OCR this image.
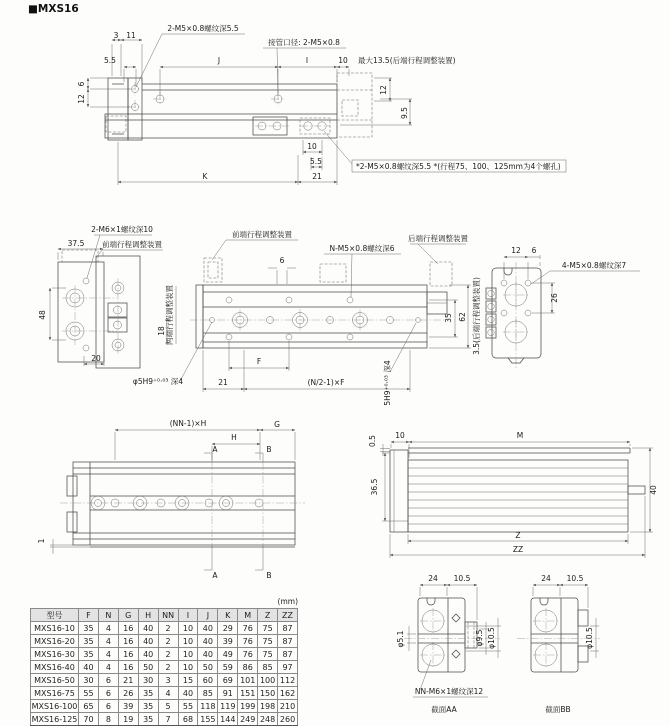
■MXS16
3 11
2-M5×0.8螺纹深5.5
接管口径: 2-M5×0.8
5.5	J	I	10 最大13.5(后端行程调整装置)
6
12
12
9.5
10
5.5
K	21
*2-M5×0.8螺纹深5.5 *(行程75、100、125mm为4个螺孔)
2-M6×1螺纹深10
37.5 前端行程调整装置
48
20
前端行程调整装置
N-M5×0.8螺纹深6
后端行程调整装置
6
18 两端行程调整装置
φ5H9⁺⁰·⁰³ 深4	21
F
(N/2-1)×F
35 62 3.5(后端行程调整装置)
5H9⁺⁰·⁰³ 深4
12 6
4-M5×0.8螺纹深7
26
(NN-1)×H	G
H
A	B
A	B
1
0.5 10	M
36.5	40
Z
ZZ
24 10.5
φ5.1	φ9.5 φ10.5
NN-M6×1螺纹深12
截面AA
24 10.5
φ10.5
截面BB
(mm)
型号	F	N	G	H	NN	I	J	K	M	Z	ZZ
MXS16-10	35	4	16	40	2	10	40	29	76	75	87
MXS16-20	35	4	16	40	2	10	40	39	76	75	87
MXS16-30	35	4	16	40	2	10	40	49	76	75	87
MXS16-40	40	4	16	50	2	10	50	59	86	85	97
MXS16-50	30	6	21	30	3	15	60	69	101	100	112
MXS16-75	55	6	26	35	4	40	85	91	151	150	162
MXS16-100	65	6	39	35	5	55	118	119	199	198	210
MXS16-125	70	8	19	35	7	68	155	144	249	248	260
